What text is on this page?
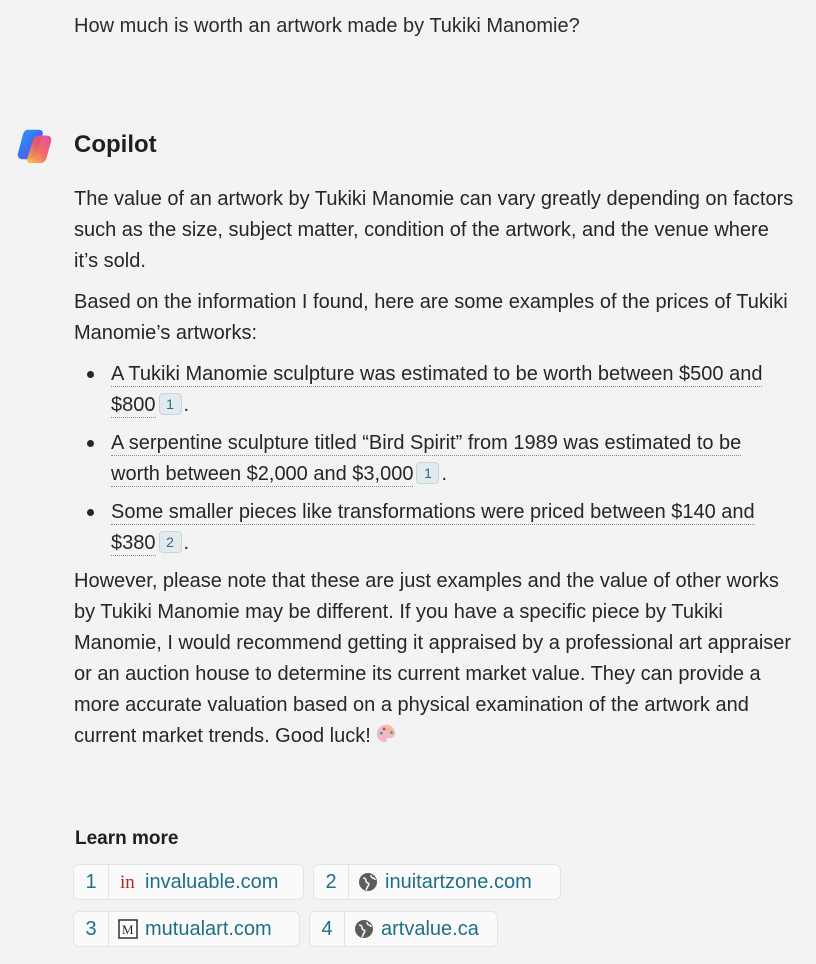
How much is worth an artwork made by Tukiki Manomie?
Copilot

The value of an artwork by Tukiki Manomie can vary greatly depending on factors such as the size, subject matter, condition of the artwork, and the venue where it’s sold.

Based on the information I found, here are some examples of the prices of Tukiki Manomie’s artworks:

A Tukiki Manomie sculpture was estimated to be worth between $500 and $800 1 .
A serpentine sculpture titled “Bird Spirit” from 1989 was estimated to be worth between $2,000 and $3,000 1 .
Some smaller pieces like transformations were priced between $140 and $380 2 .

However, please note that these are just examples and the value of other works by Tukiki Manomie may be different. If you have a specific piece by Tukiki Manomie, I would recommend getting it appraised by a professional art appraiser or an auction house to determine its current market value. They can provide a more accurate valuation based on a physical examination of the artwork and current market trends. Good luck!

Learn more
1	in invaluable.com	2	inuitartzone.com
3	M mutualart.com	4	artvalue.ca
